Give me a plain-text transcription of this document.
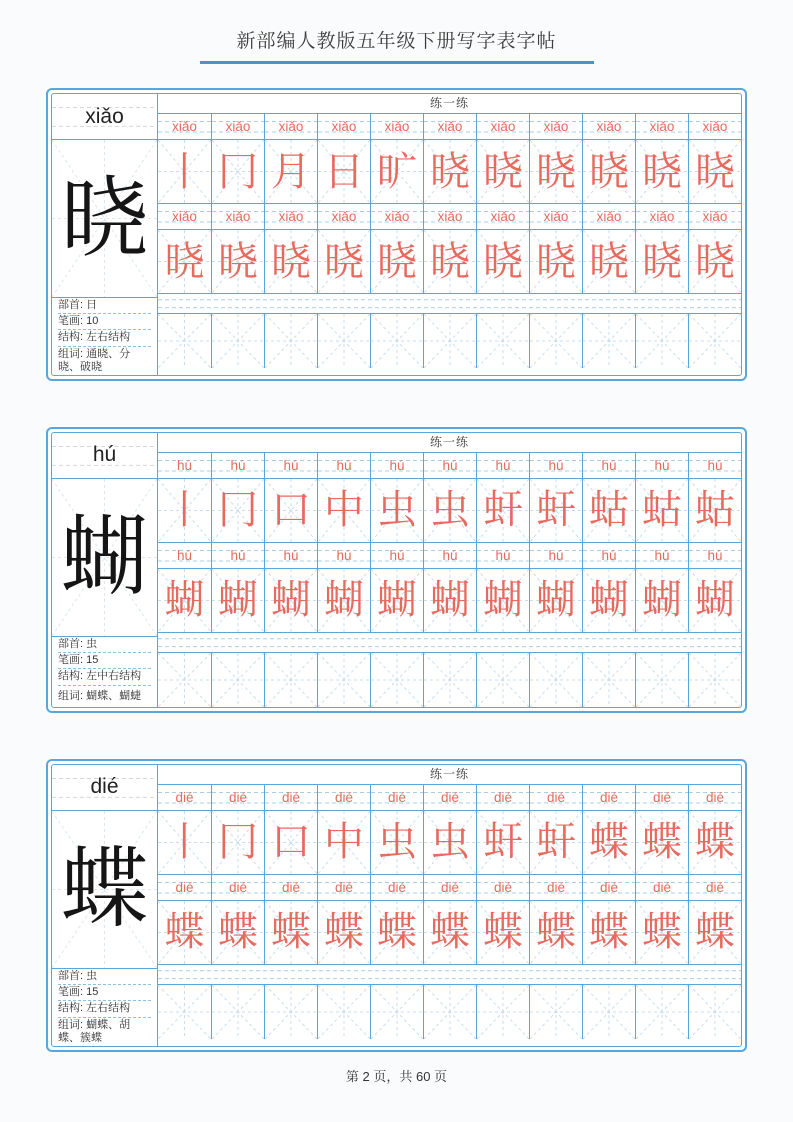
新部编人教版五年级下册写字表字帖
xiǎo
晓
部首: 日
笔画: 10
结构: 左右结构
组词: 通晓、分晓、破晓
练一练
xiǎo xiǎo xiǎo xiǎo xiǎo xiǎo xiǎo xiǎo xiǎo xiǎo xiǎo
丨 冂 月 日 旷 晓 晓 晓 晓 晓 晓
xiǎo xiǎo xiǎo xiǎo xiǎo xiǎo xiǎo xiǎo xiǎo xiǎo xiǎo
晓 晓 晓 晓 晓 晓 晓 晓 晓 晓 晓
hú
蝴
部首: 虫
笔画: 15
结构: 左中右结构
组词: 蝴蝶、蝴蜨
练一练
hú	hú	hú	hú	hú	hú	hú	hú	hú	hú	hú
丨 冂 口 中 虫 虫 虷 虷 蛄 蛄 蛄
hú	hú	hú	hú	hú	hú	hú	hú	hú	hú	hú
蝴 蝴 蝴 蝴 蝴 蝴 蝴 蝴 蝴 蝴 蝴
dié
蝶
部首: 虫
笔画: 15
结构: 左右结构
组词: 蝴蝶、胡蝶、簇蝶
练一练
dié	dié	dié	dié	dié	dié	dié	dié	dié	dié	dié
丨 冂 口 中 虫 虫 虷 虷 蝶 蝶 蝶
dié	dié	dié	dié	dié	dié	dié	dié	dié	dié	dié
蝶 蝶 蝶 蝶 蝶 蝶 蝶 蝶 蝶 蝶 蝶
第 2 页，共 60 页
